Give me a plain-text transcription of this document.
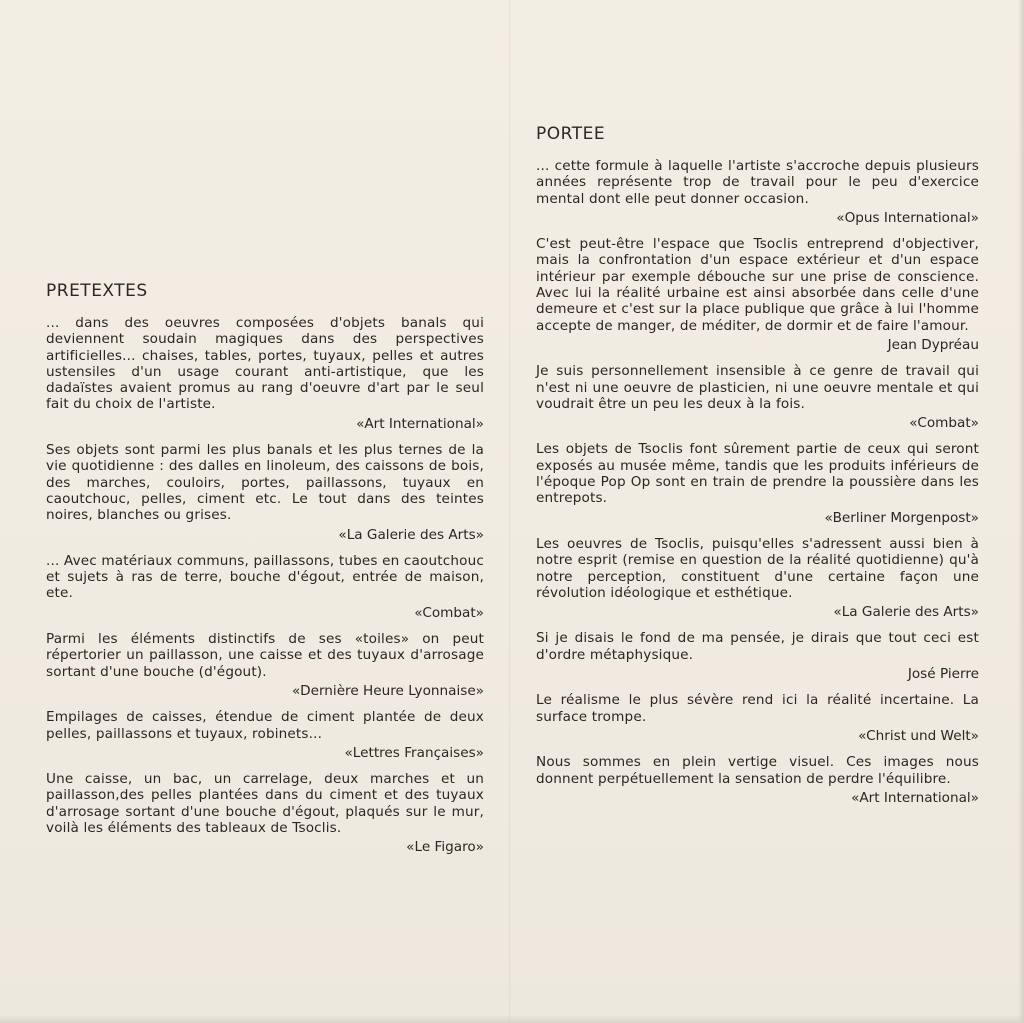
PRETEXTES

... dans des oeuvres composées d'objets banals qui deviennent soudain magiques dans des perspectives artificielles... chaises, tables, portes, tuyaux, pelles et autres ustensiles d'un usage courant anti-artistique, que les dadaïstes avaient promus au rang d'oeuvre d'art par le seul fait du choix de l'artiste.

«Art International»

Ses objets sont parmi les plus banals et les plus ternes de la vie quotidienne : des dalles en linoleum, des caissons de bois, des marches, couloirs, portes, paillassons, tuyaux en caoutchouc, pelles, ciment etc. Le tout dans des teintes noires, blanches ou grises.

«La Galerie des Arts»

... Avec matériaux communs, paillassons, tubes en caoutchouc et sujets à ras de terre, bouche d'égout, entrée de maison, ete.

«Combat»

Parmi les éléments distinctifs de ses «toiles» on peut répertorier un paillasson, une caisse et des tuyaux d'arrosage sortant d'une bouche (d'égout).

«Dernière Heure Lyonnaise»

Empilages de caisses, étendue de ciment plantée de deux pelles, paillassons et tuyaux, robinets...

«Lettres Françaises»

Une caisse, un bac, un carrelage, deux marches et un paillasson,des pelles plantées dans du ciment et des tuyaux d'arrosage sortant d'une bouche d'égout, plaqués sur le mur, voilà les éléments des tableaux de Tsoclis.

«Le Figaro»
PORTEE

... cette formule à laquelle l'artiste s'accroche depuis plusieurs années représente trop de travail pour le peu d'exercice mental dont elle peut donner occasion.

«Opus International»

C'est peut-être l'espace que Tsoclis entreprend d'objectiver, mais la confrontation d'un espace extérieur et d'un espace intérieur par exemple débouche sur une prise de conscience. Avec lui la réalité urbaine est ainsi absorbée dans celle d'une demeure et c'est sur la place publique que grâce à lui l'homme accepte de manger, de méditer, de dormir et de faire l'amour.

Jean Dypréau

Je suis personnellement insensible à ce genre de travail qui n'est ni une oeuvre de plasticien, ni une oeuvre mentale et qui voudrait être un peu les deux à la fois.

«Combat»

Les objets de Tsoclis font sûrement partie de ceux qui seront exposés au musée même, tandis que les produits inférieurs de l'époque Pop Op sont en train de prendre la poussière dans les entrepots.

«Berliner Morgenpost»

Les oeuvres de Tsoclis, puisqu'elles s'adressent aussi bien à notre esprit (remise en question de la réalité quotidienne) qu'à notre perception, constituent d'une certaine façon une révolution idéologique et esthétique.

«La Galerie des Arts»

Si je disais le fond de ma pensée, je dirais que tout ceci est d'ordre métaphysique.

José Pierre

Le réalisme le plus sévère rend ici la réalité incertaine. La surface trompe.

«Christ und Welt»

Nous sommes en plein vertige visuel. Ces images nous donnent perpétuellement la sensation de perdre l'équilibre.

«Art International»
